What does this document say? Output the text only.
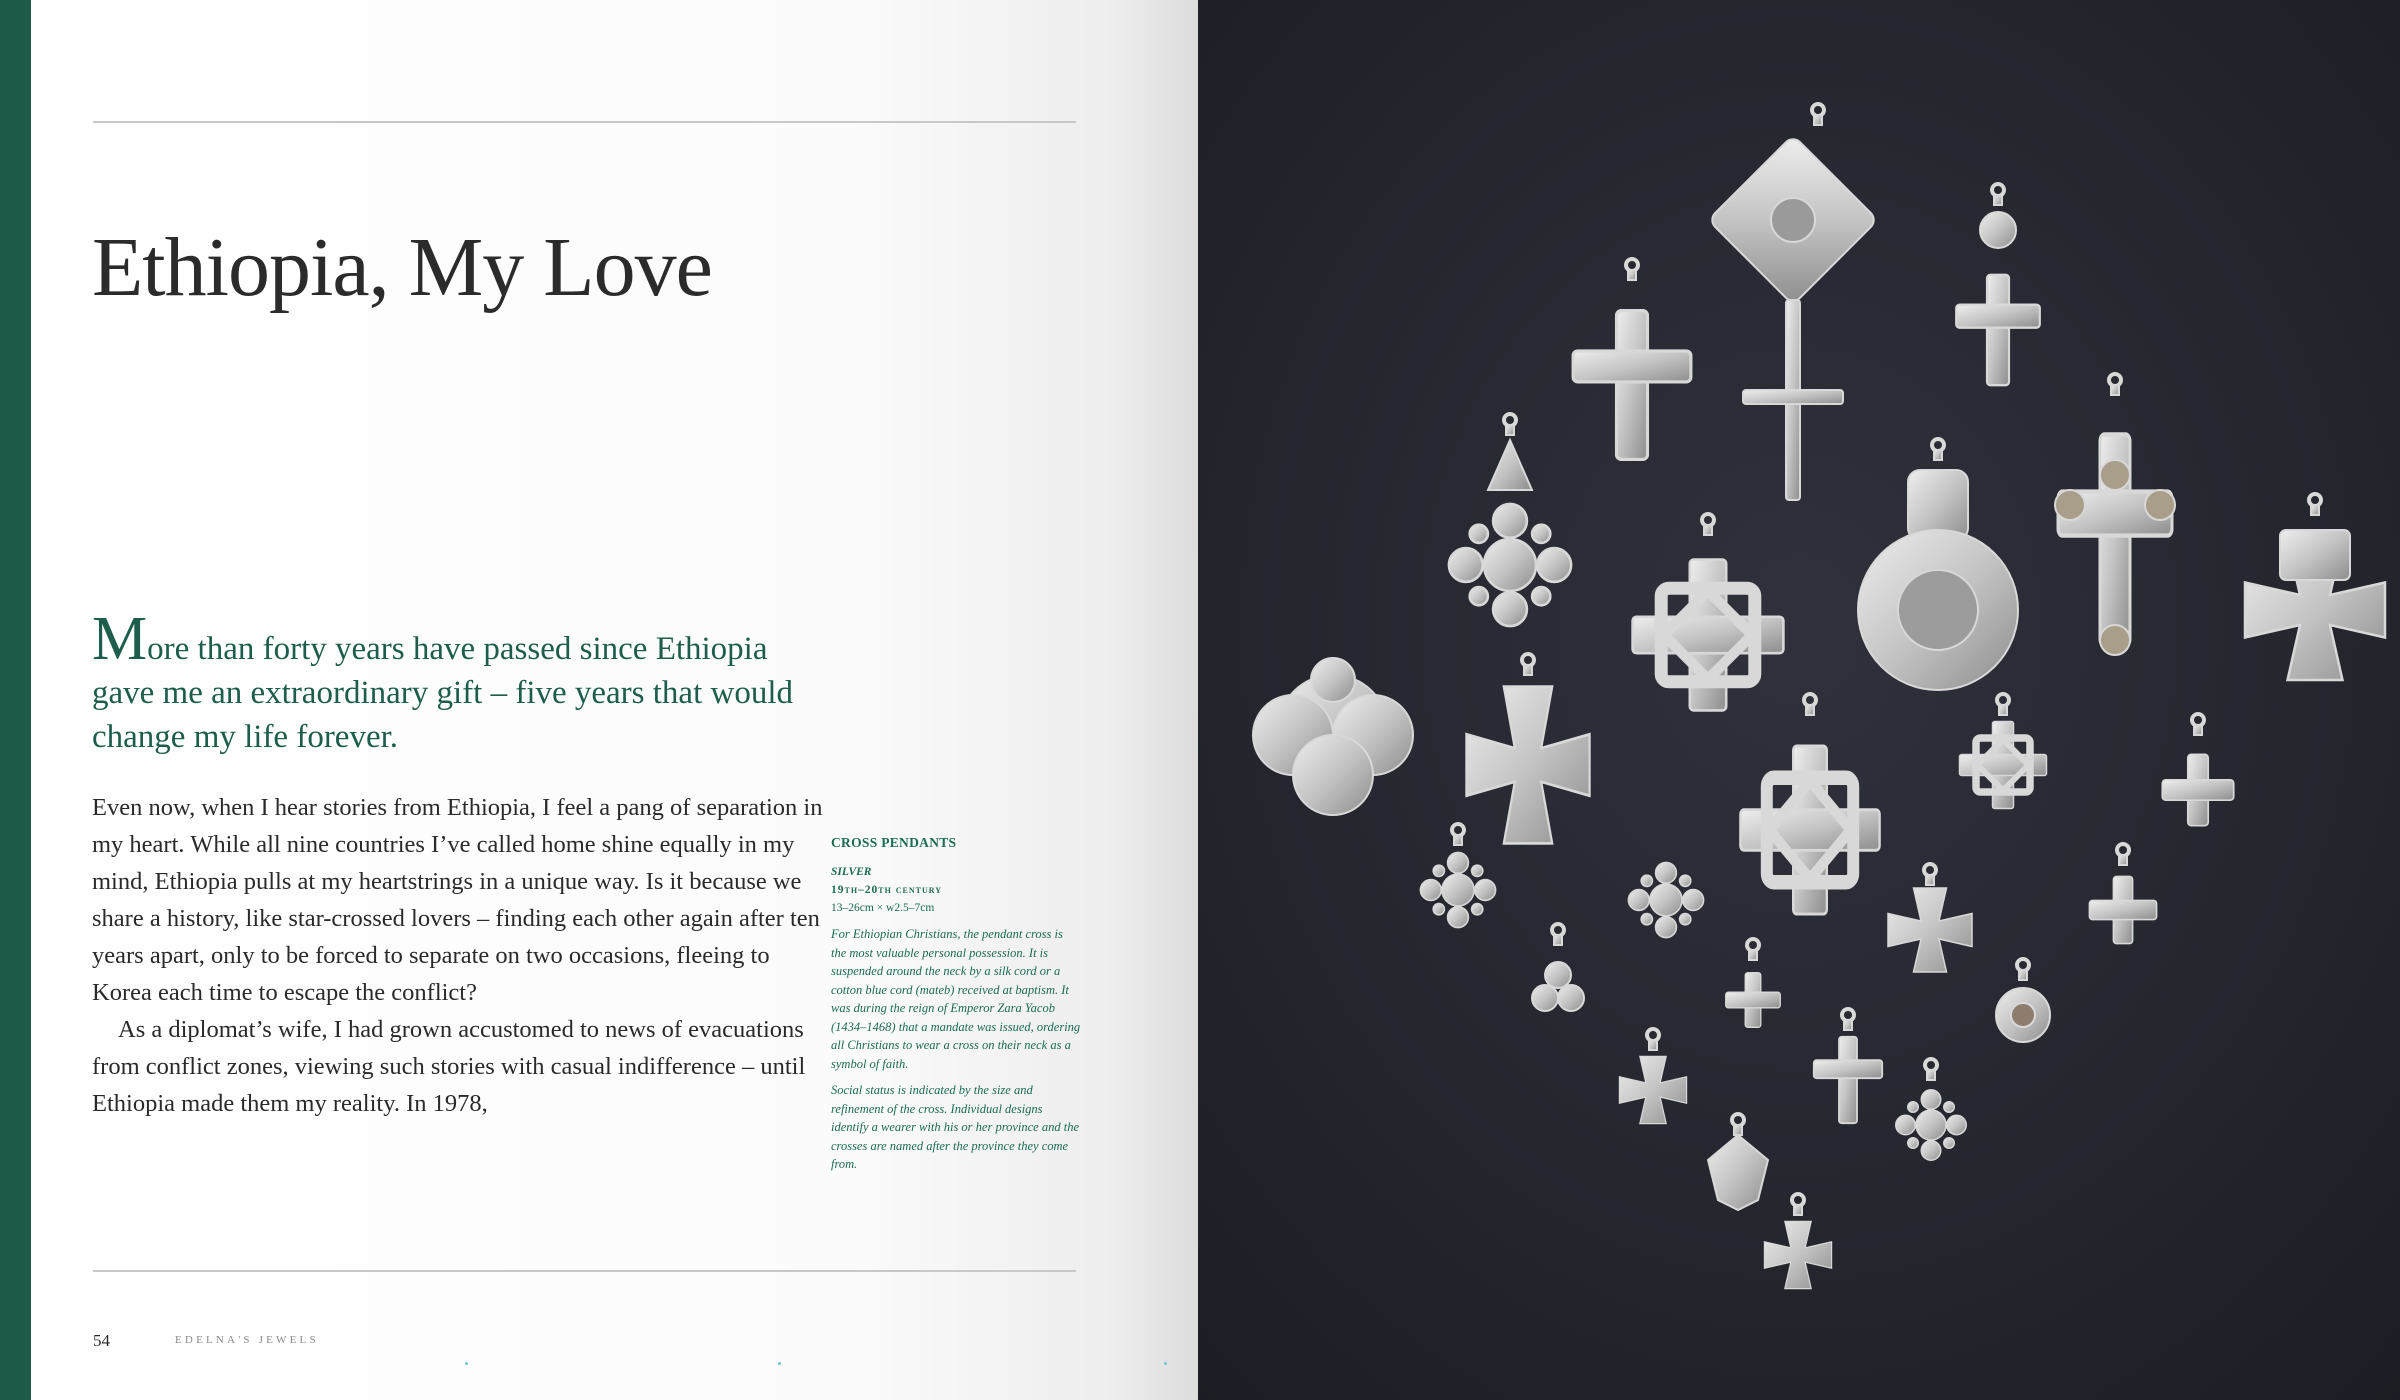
Ethiopia, My Love

More than forty years have passed since Ethiopia gave me an extraordinary gift – five years that would change my life forever.

Even now, when I hear stories from Ethiopia, I feel a pang of separation in my heart. While all nine countries I’ve called home shine equally in my mind, Ethiopia pulls at my heartstrings in a unique way. Is it because we share a history, like star-crossed lovers – finding each other again after ten years apart, only to be forced to separate on two occasions, fleeing to Korea each time to escape the conflict?

As a diplomat’s wife, I had grown accustomed to news of evacuations from conflict zones, viewing such stories with casual indifference – until Ethiopia made them my reality. In 1978,

CROSS PENDANTS
SILVER
19th–20th century
13–26cm × w2.5–7cm

For Ethiopian Christians, the pendant cross is the most valuable personal possession. It is suspended around the neck by a silk cord or a cotton blue cord (mateb) received at baptism. It was during the reign of Emperor Zara Yacob (1434–1468) that a mandate was issued, ordering all Christians to wear a cross on their neck as a symbol of faith.

Social status is indicated by the size and refinement of the cross. Individual designs identify a wearer with his or her province and the crosses are named after the province they come from.

54	EDELNA'S JEWELS
